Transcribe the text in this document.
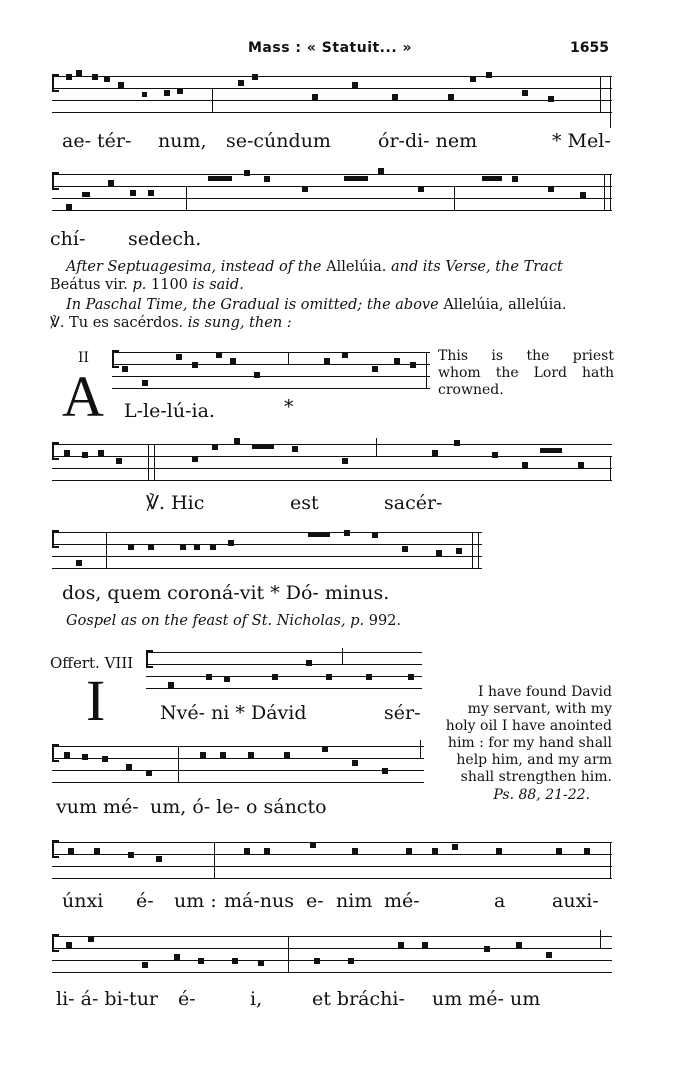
Mass : « Statuit... »	1655
ae- tér- num, se-cúndum ór-di- nem	* Mel-
chí- sedech.
After Septuagesima, instead of the Allelúia. and its Verse, the Tract
Beátus vir. p. 1100 is said.
In Paschal Time, the Gradual is omitted; the above Allelúia, allelúia.
℣. Tu es sacérdos. is sung, then :
II
A L-le-lú-ia.	*
This is the priest
whom the Lord hath
crowned.
℣. Hic	est	sacér-
dos, quem coroná-vit * Dó- minus.
Gospel as on the feast of St. Nicholas, p. 992.
Offert. VIII
I	Nvé- ni * Dávid	sér-
I have found David
my servant, with my
holy oil I have anointed
him : for my hand shall
help him, and my arm
shall strengthen him.
Ps. 88, 21-22.
vum mé- um, ó- le- o sáncto
únxi é- um : má-nus e- nim mé-	a auxi-
li- á- bi-tur é-	i,	et bráchi- um mé- um
